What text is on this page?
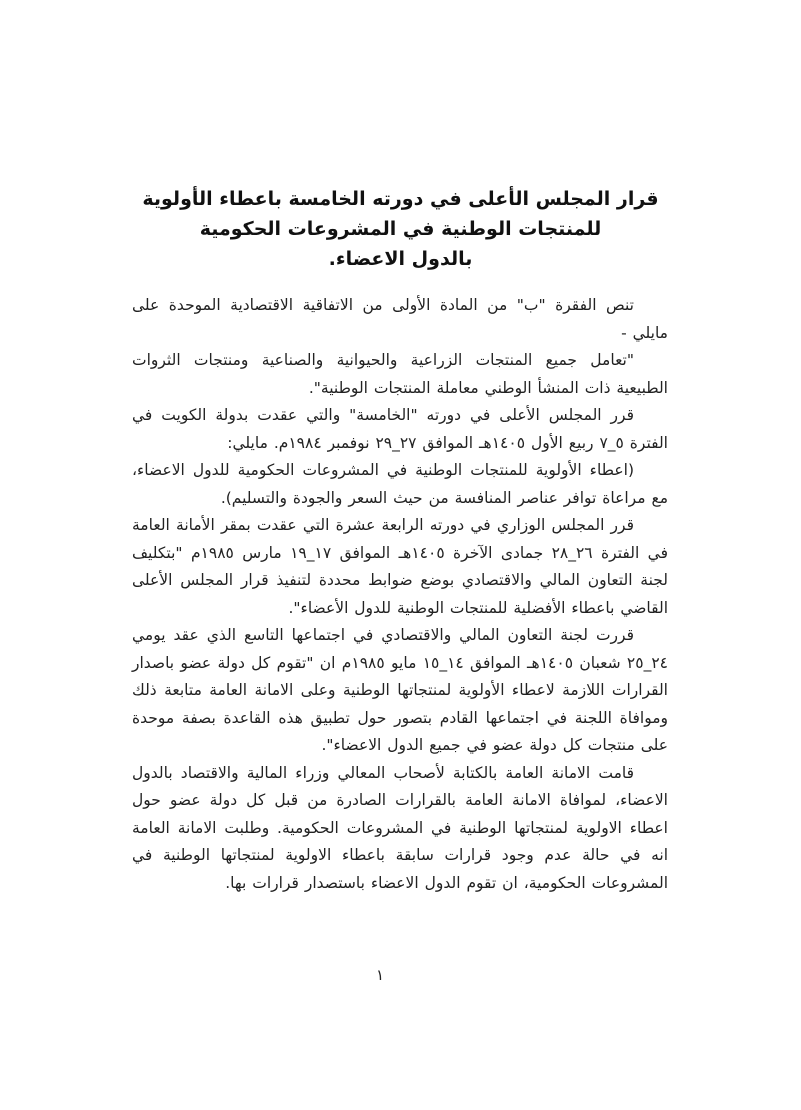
قرار المجلس الأعلى في دورته الخامسة باعطاء الأولوية
للمنتجات الوطنية في المشروعات الحكومية
بالدول الاعضاء.

تنص الفقرة "ب" من المادة الأولى من الاتفاقية الاقتصادية الموحدة على مايلي -

"تعامل جميع المنتجات الزراعية والحيوانية والصناعية ومنتجات الثروات الطبيعية ذات المنشأ الوطني معاملة المنتجات الوطنية".

قرر المجلس الأعلى في دورته "الخامسة" والتي عقدت بدولة الكويت في الفترة ٥_٧ ربيع الأول ١٤٠٥هـ الموافق ٢٧_٢٩ نوفمبر ١٩٨٤م. مايلي:

(اعطاء الأولوية للمنتجات الوطنية في المشروعات الحكومية للدول الاعضاء، مع مراعاة توافر عناصر المنافسة من حيث السعر والجودة والتسليم).

قرر المجلس الوزاري في دورته الرابعة عشرة التي عقدت بمقر الأمانة العامة في الفترة ٢٦_٢٨ جمادى الآخرة ١٤٠٥هـ الموافق ١٧_١٩ مارس ١٩٨٥م "بتكليف لجنة التعاون المالي والاقتصادي بوضع ضوابط محددة لتنفيذ قرار المجلس الأعلى القاضي باعطاء الأفضلية للمنتجات الوطنية للدول الأعضاء".

قررت لجنة التعاون المالي والاقتصادي في اجتماعها التاسع الذي عقد يومي ٢٤_٢٥ شعبان ١٤٠٥هـ الموافق ١٤_١٥ مايو ١٩٨٥م ان "تقوم كل دولة عضو باصدار القرارات اللازمة لاعطاء الأولوية لمنتجاتها الوطنية وعلى الامانة العامة متابعة ذلك وموافاة اللجنة في اجتماعها القادم بتصور حول تطبيق هذه القاعدة بصفة موحدة على منتجات كل دولة عضو في جميع الدول الاعضاء".

قامت الامانة العامة بالكتابة لأصحاب المعالي وزراء المالية والاقتصاد بالدول الاعضاء، لموافاة الامانة العامة بالقرارات الصادرة من قبل كل دولة عضو حول اعطاء الاولوية لمنتجاتها الوطنية في المشروعات الحكومية. وطلبت الامانة العامة انه في حالة عدم وجود قرارات سابقة باعطاء الاولوية لمنتجاتها الوطنية في المشروعات الحكومية، ان تقوم الدول الاعضاء باستصدار قرارات بها.

١
